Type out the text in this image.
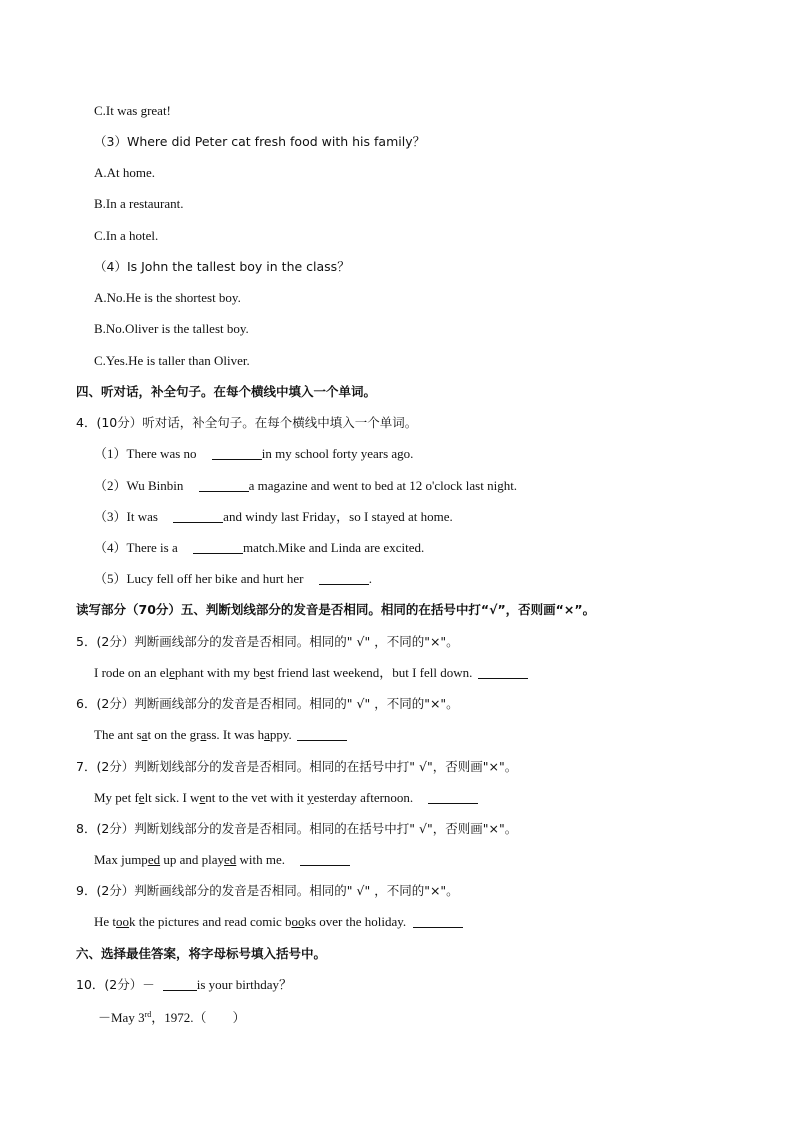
C.It was great!
（3）Where did Peter cat fresh food with his family？
A.At home.
B.In a restaurant.
C.In a hotel.
（4）Is John the tallest boy in the class？
A.No.He is the shortest boy.
B.No.Oliver is the tallest boy.
C.Yes.He is taller than Oliver.
四、听对话，补全句子。在每个横线中填入一个单词。
4．(10分）听对话，补全句子。在每个横线中填入一个单词。
（1）There was no	in my school forty years ago.
（2）Wu Binbin	a magazine and went to bed at 12 o'clock last night.
（3）It was	and windy last Friday，so I stayed at home.
（4）There is a	match.Mike and Linda are excited.
（5）Lucy fell off her bike and hurt her	.
读写部分（70分）五、判断划线部分的发音是否相同。相同的在括号中打“√”，否则画“×”。
5．(2分）判断画线部分的发音是否相同。相同的" √" ，不同的"×"。
I rode on an elephant with my best friend last weekend，but I fell down.
6．(2分）判断画线部分的发音是否相同。相同的" √" ，不同的"×"。
The ant sat on the grass. It was happy.
7．(2分）判断划线部分的发音是否相同。相同的在括号中打" √"，否则画"×"。
My pet felt sick. I went to the vet with it yesterday afternoon.
8．(2分）判断划线部分的发音是否相同。相同的在括号中打" √"，否则画"×"。
Max jumped up and played with me.
9．(2分）判断画线部分的发音是否相同。相同的" √" ，不同的"×"。
He took the pictures and read comic books over the holiday.
六、选择最佳答案，将字母标号填入括号中。
10．(2分）－	is your birthday？
－May 3rd，1972.（　　）
